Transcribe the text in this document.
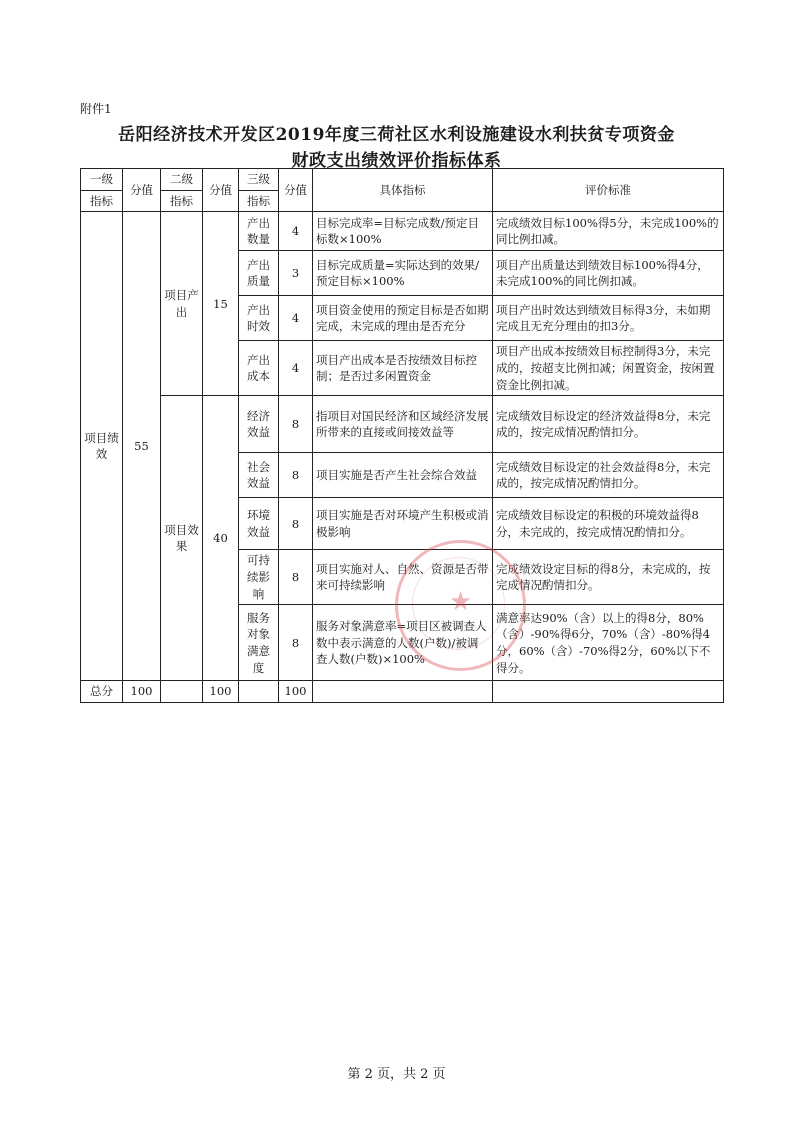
附件1
岳阳经济技术开发区2019年度三荷社区水利设施建设水利扶贫专项资金
财政支出绩效评价指标体系
一级	分值	二级	分值	三级	分值	具体指标	评价标准
指标		指标		指标			
项目绩效	55	项目产出	15	产出数量	4	目标完成率=目标完成数/预定目标数×100%	完成绩效目标100%得5分，未完成100%的同比例扣减。
				产出质量	3	目标完成质量=实际达到的效果/预定目标×100%	项目产出质量达到绩效目标100%得4分，未完成100%的同比例扣减。
				产出时效	4	项目资金使用的预定目标是否如期完成，未完成的理由是否充分	项目产出时效达到绩效目标得3分，未如期完成且无充分理由的扣3分。
				产出成本	4	项目产出成本是否按绩效目标控制；是否过多闲置资金	项目产出成本按绩效目标控制得3分，未完成的，按超支比例扣减；闲置资金，按闲置资金比例扣减。
		项目效果	40	经济效益	8	指项目对国民经济和区域经济发展所带来的直接或间接效益等	完成绩效目标设定的经济效益得8分，未完成的，按完成情况酌情扣分。
				社会效益	8	项目实施是否产生社会综合效益	完成绩效目标设定的社会效益得8分，未完成的，按完成情况酌情扣分。
				环境效益	8	项目实施是否对环境产生积极或消极影响	完成绩效目标设定的积极的环境效益得8分，未完成的，按完成情况酌情扣分。
				可持续影响	8	项目实施对人、自然、资源是否带来可持续影响	完成绩效设定目标的得8分，未完成的，按完成情况酌情扣分。
				服务对象满意度	8	服务对象满意率=项目区被调查人数中表示满意的人数(户数)/被调查人数(户数)×100%	满意率达90%（含）以上的得8分，80%（含）-90%得6分，70%（含）-80%得4分，60%（含）-70%得2分，60%以下不得分。
总分	100		100		100		
★
第 2 页，共 2 页
